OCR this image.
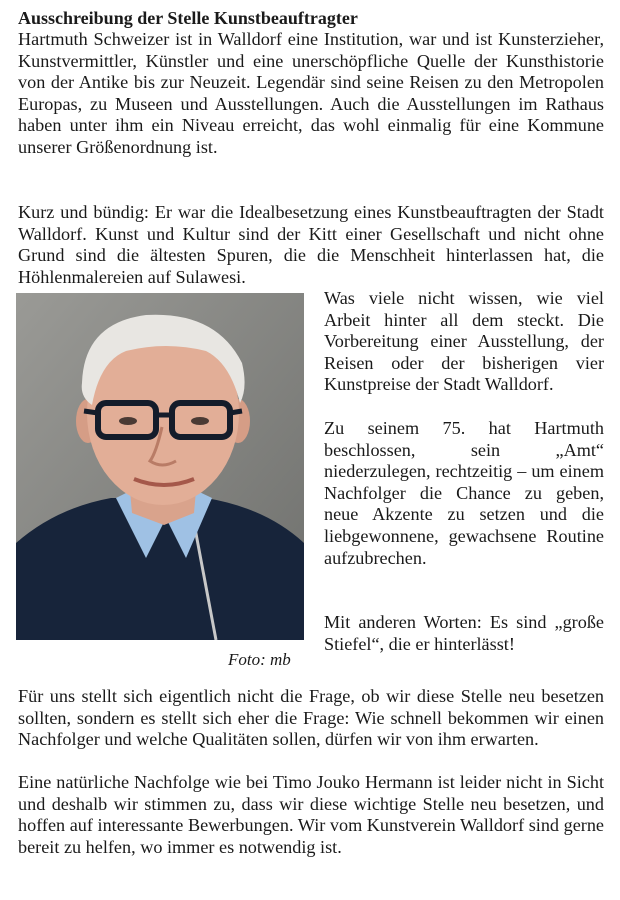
Ausschreibung der Stelle Kunstbeauftragter

Hartmuth Schweizer ist in Walldorf eine Institution, war und ist Kunsterzieher, Kunstvermittler, Künstler und eine unerschöpfliche Quelle der Kunsthistorie von der Antike bis zur Neuzeit. Legendär sind seine Reisen zu den Metropolen Europas, zu Museen und Ausstellungen. Auch die Ausstellungen im Rathaus haben unter ihm ein Niveau erreicht, das wohl einmalig für eine Kommune unserer Größenordnung ist.

Kurz und bündig: Er war die Idealbesetzung eines Kunstbeauftragten der Stadt Walldorf. Kunst und Kultur sind der Kitt einer Gesellschaft und nicht ohne Grund sind die ältesten Spuren, die die Menschheit hinterlassen hat, die Höhlenmalereien auf Sulawesi.

Foto: mb

Was viele nicht wissen, wie viel Arbeit hinter all dem steckt. Die Vorbereitung einer Ausstellung, der Reisen oder der bisherigen vier Kunstpreise der Stadt Walldorf.

Zu seinem 75. hat Hartmuth beschlossen, sein „Amt“ niederzulegen, rechtzeitig – um einem Nachfolger die Chance zu geben, neue Akzente zu setzen und die liebgewonnene, gewachsene Routine aufzubrechen.

Mit anderen Worten: Es sind „große Stiefel“, die er hinterlässt!

Für uns stellt sich eigentlich nicht die Frage, ob wir diese Stelle neu besetzen sollten, sondern es stellt sich eher die Frage: Wie schnell bekommen wir einen Nachfolger und welche Qualitäten sollen, dürfen wir von ihm erwarten.

Eine natürliche Nachfolge wie bei Timo Jouko Hermann ist leider nicht in Sicht und deshalb wir stimmen zu, dass wir diese wichtige Stelle neu besetzen, und hoffen auf interessante Bewerbungen. Wir vom Kunstverein Walldorf sind gerne bereit zu helfen, wo immer es notwendig ist.
